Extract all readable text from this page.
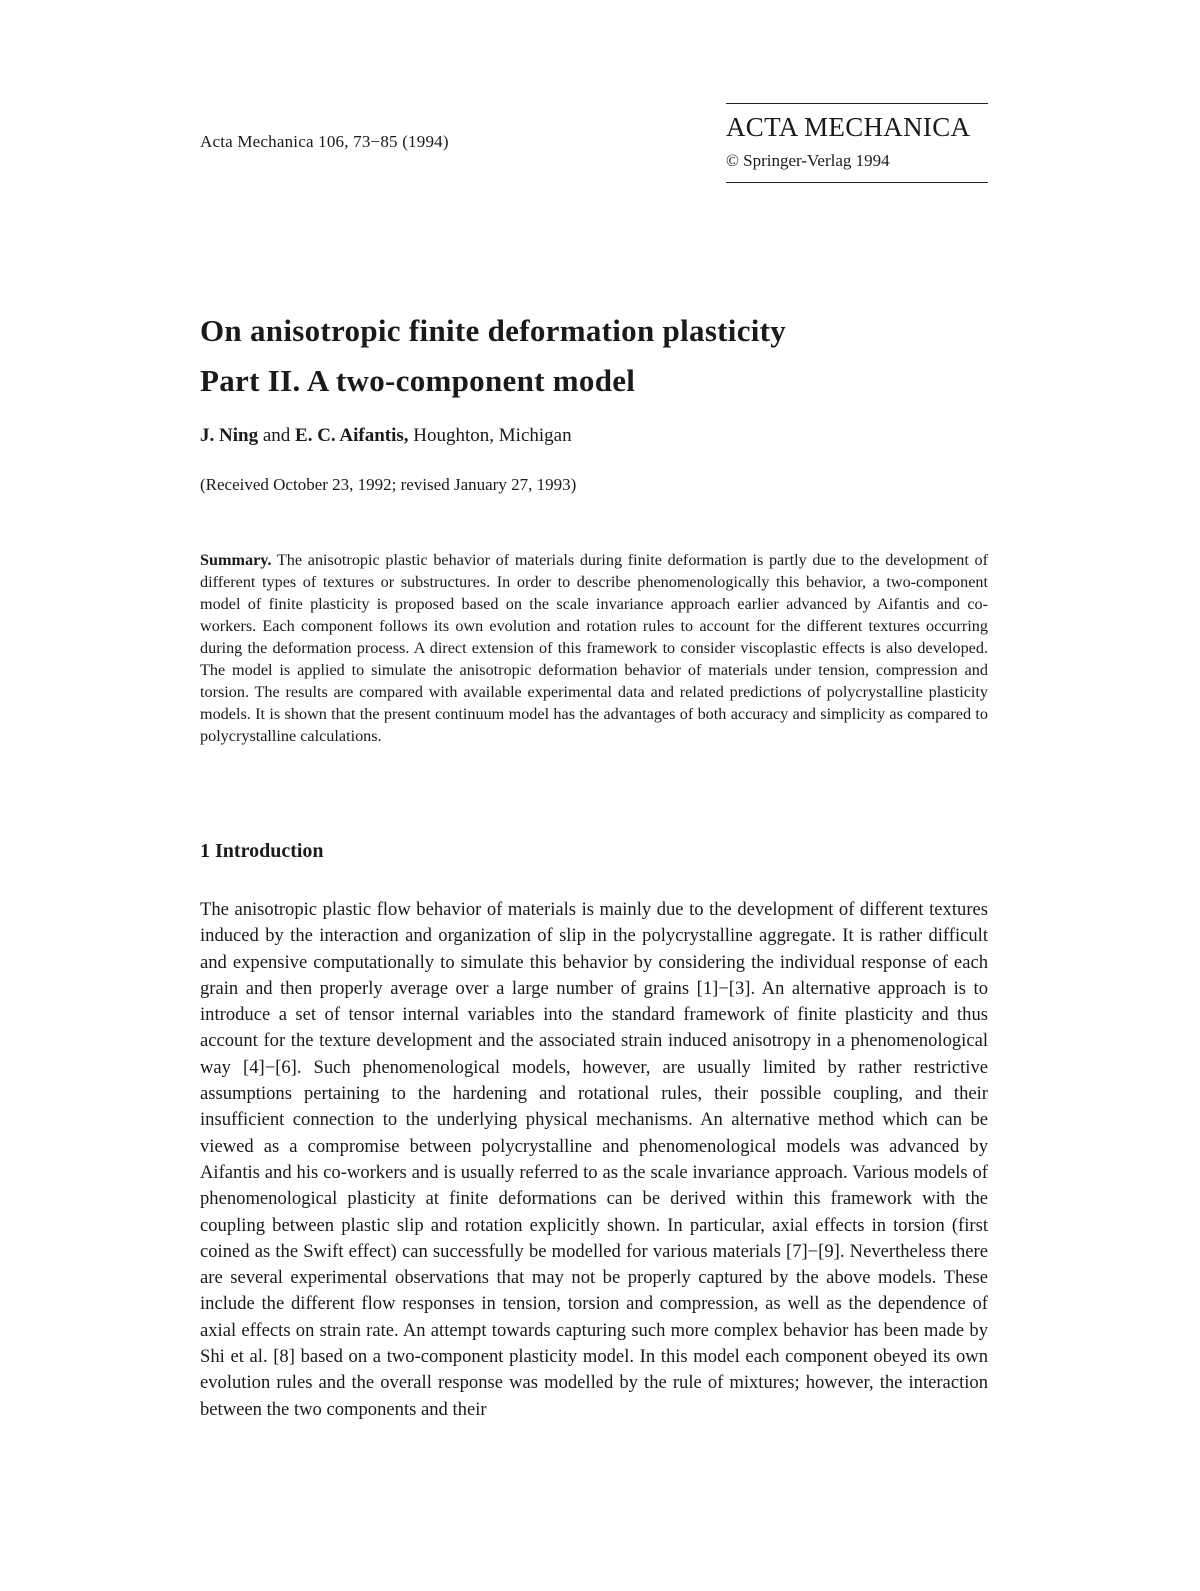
Acta Mechanica 106, 73−85 (1994)	ACTA MECHANICA
© Springer-Verlag 1994
On anisotropic finite deformation plasticity
Part II. A two-component model
J. Ning and E. C. Aifantis, Houghton, Michigan
(Received October 23, 1992; revised January 27, 1993)
Summary. The anisotropic plastic behavior of materials during finite deformation is partly due to the development of different types of textures or substructures. In order to describe phenomenologically this behavior, a two-component model of finite plasticity is proposed based on the scale invariance approach earlier advanced by Aifantis and co-workers. Each component follows its own evolution and rotation rules to account for the different textures occurring during the deformation process. A direct extension of this framework to consider viscoplastic effects is also developed. The model is applied to simulate the anisotropic deformation behavior of materials under tension, compression and torsion. The results are compared with available experimental data and related predictions of polycrystalline plasticity models. It is shown that the present continuum model has the advantages of both accuracy and simplicity as compared to polycrystalline calculations.
1 Introduction
The anisotropic plastic flow behavior of materials is mainly due to the development of different textures induced by the interaction and organization of slip in the polycrystalline aggregate. It is rather difficult and expensive computationally to simulate this behavior by considering the individual response of each grain and then properly average over a large number of grains [1]−[3]. An alternative approach is to introduce a set of tensor internal variables into the standard framework of finite plasticity and thus account for the texture development and the associated strain induced anisotropy in a phenomenological way [4]−[6]. Such phenomenological models, however, are usually limited by rather restrictive assumptions pertaining to the hardening and rotational rules, their possible coupling, and their insufficient connection to the underlying physical mechanisms. An alternative method which can be viewed as a compromise between polycrystalline and phenomenological models was advanced by Aifantis and his co-workers and is usually referred to as the scale invariance approach. Various models of phenomenological plasticity at finite deformations can be derived within this framework with the coupling between plastic slip and rotation explicitly shown. In particular, axial effects in torsion (first coined as the Swift effect) can successfully be modelled for various materials [7]−[9]. Nevertheless there are several experimental observations that may not be properly captured by the above models. These include the different flow responses in tension, torsion and compression, as well as the dependence of axial effects on strain rate. An attempt towards capturing such more complex behavior has been made by Shi et al. [8] based on a two-component plasticity model. In this model each component obeyed its own evolution rules and the overall response was modelled by the rule of mixtures; however, the interaction between the two components and their
